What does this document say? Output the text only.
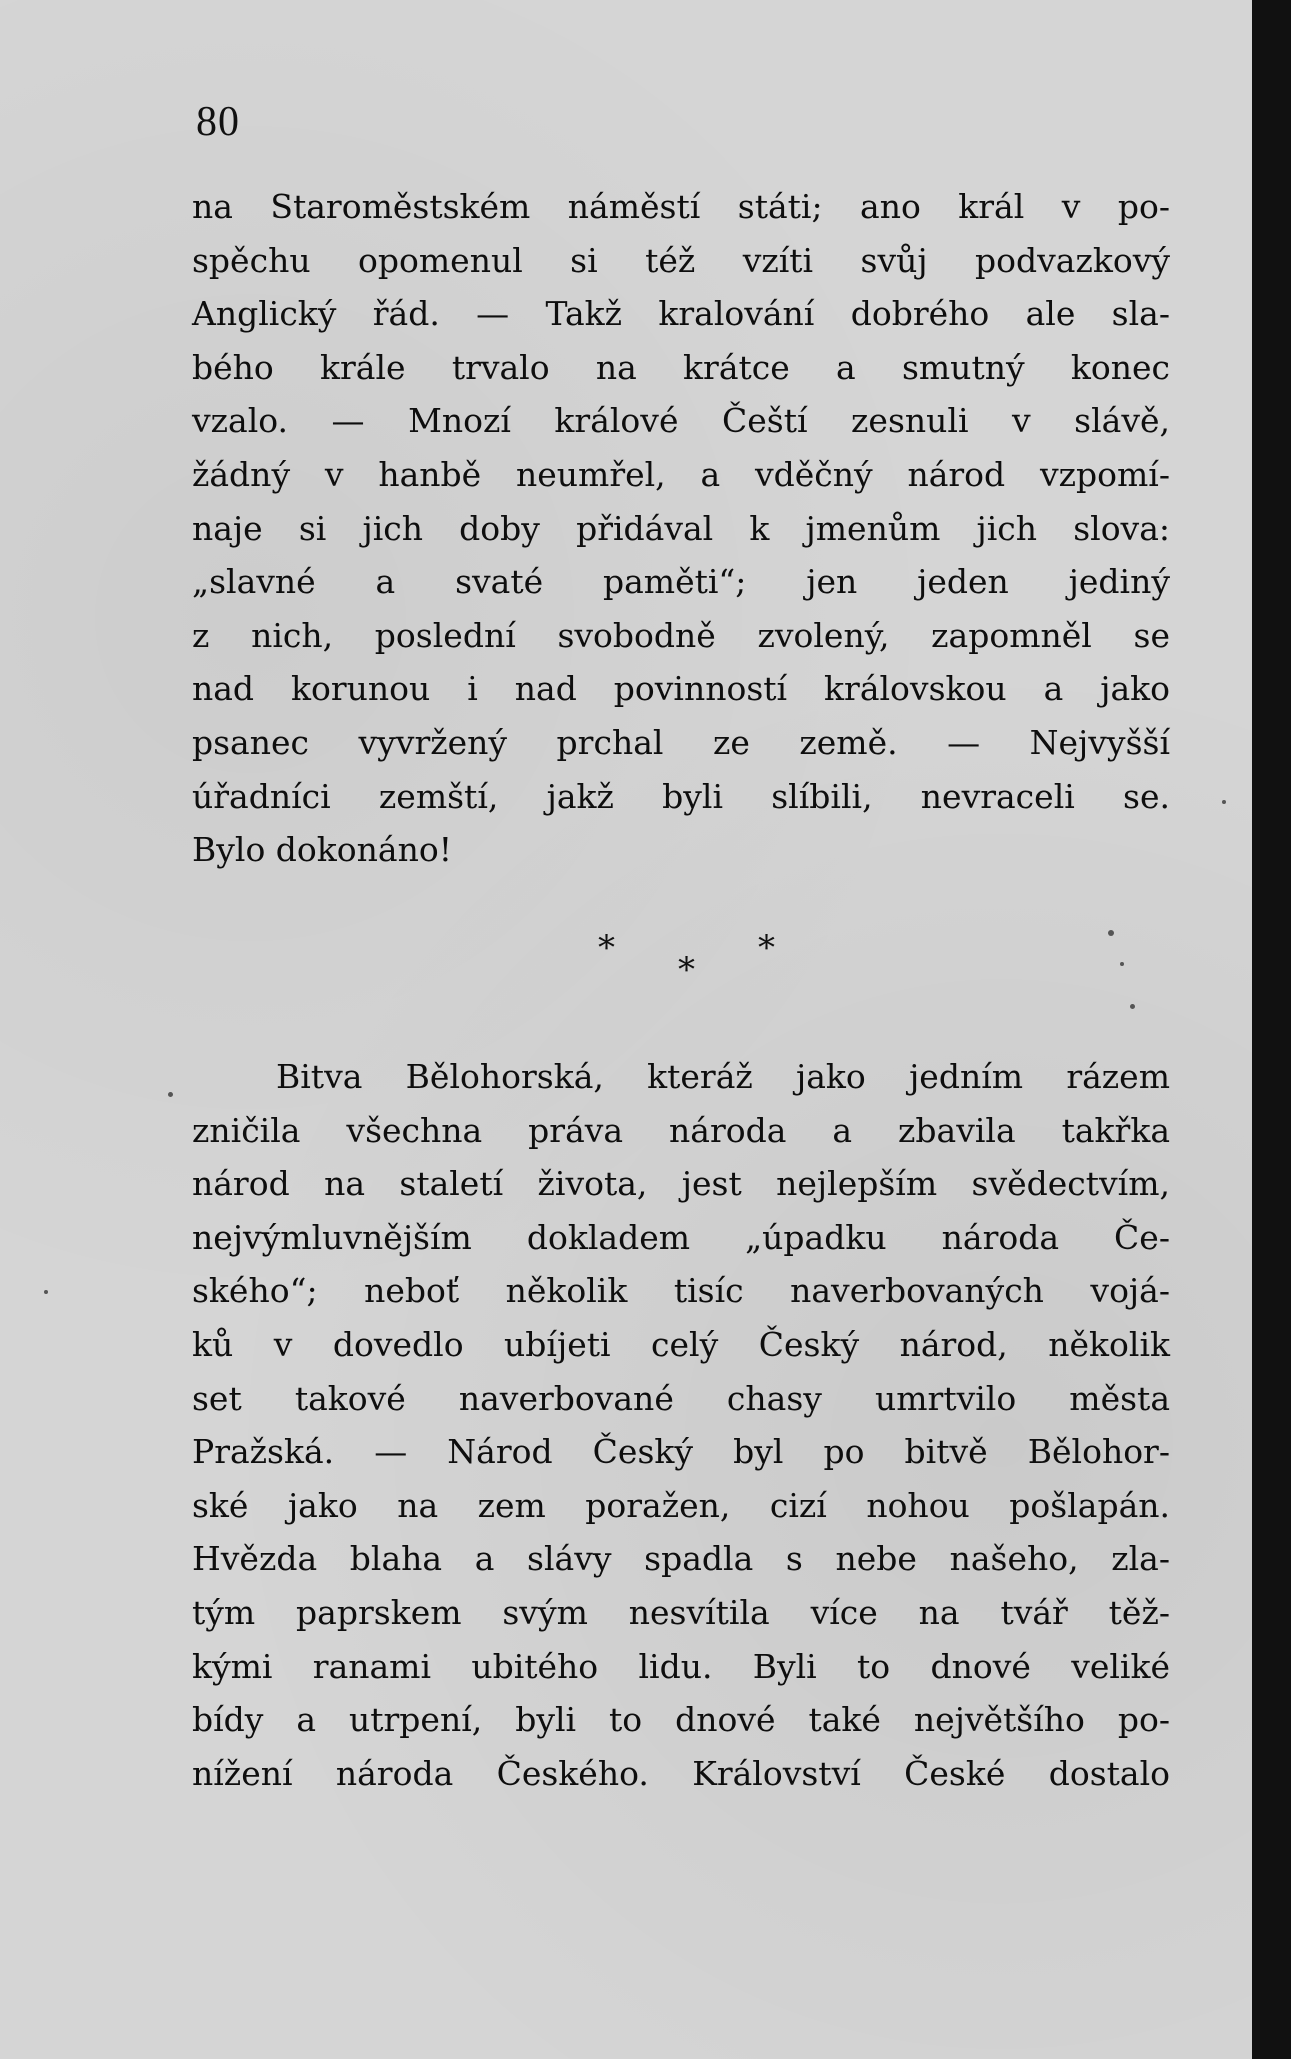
80
na Staroměstském náměstí státi; ano král v po-
spěchu opomenul si též vzíti svůj podvazkový
Anglický řád. — Takž kralování dobrého ale sla-
bého krále trvalo na krátce a smutný konec
vzalo. — Mnozí králové Čeští zesnuli v slávě,
žádný v hanbě neumřel, a vděčný národ vzpomí-
naje si jich doby přidával k jmenům jich slova:
„slavné a svaté paměti“; jen jeden jediný
z nich, poslední svobodně zvolený, zapomněl se
nad korunou i nad povinností královskou a jako
psanec vyvržený prchal ze země. — Nejvyšší
úřadníci zemští, jakž byli slíbili, nevraceli se.
Bylo dokonáno!
*
*
*
Bitva Bělohorská, kteráž jako jedním rázem
zničila všechna práva národa a zbavila takřka
národ na staletí života, jest nejlepším svědectvím,
nejvýmluvnějším dokladem „úpadku národa Če-
ského“; neboť několik tisíc naverbovaných vojá-
ků v dovedlo ubíjeti celý Český národ, několik
set takové naverbované chasy umrtvilo města
Pražská. — Národ Český byl po bitvě Bělohor-
ské jako na zem poražen, cizí nohou pošlapán.
Hvězda blaha a slávy spadla s nebe našeho, zla-
tým paprskem svým nesvítila více na tvář těž-
kými ranami ubitého lidu. Byli to dnové veliké
bídy a utrpení, byli to dnové také největšího po-
nížení národa Českého. Království České dostalo
